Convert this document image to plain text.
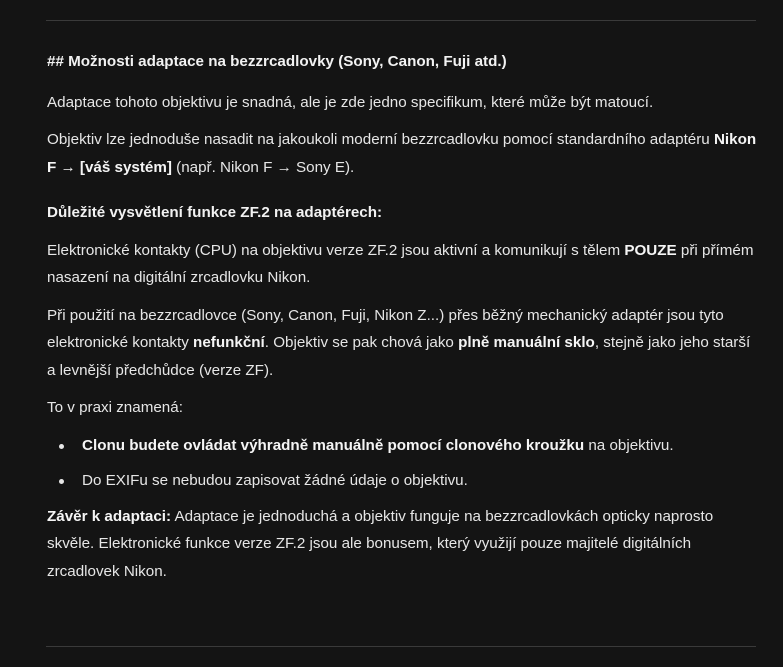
## Možnosti adaptace na bezzrcadlovky (Sony, Canon, Fuji atd.)

Adaptace tohoto objektivu je snadná, ale je zde jedno specifikum, které může být matoucí.

Objektiv lze jednoduše nasadit na jakoukoli moderní bezzrcadlovku pomocí standardního adaptéru Nikon F → [váš systém] (např. Nikon F → Sony E).

Důležité vysvětlení funkce ZF.2 na adaptérech:

Elektronické kontakty (CPU) na objektivu verze ZF.2 jsou aktivní a komunikují s tělem POUZE při přímém nasazení na digitální zrcadlovku Nikon.

Při použití na bezzrcadlovce (Sony, Canon, Fuji, Nikon Z...) přes běžný mechanický adaptér jsou tyto elektronické kontakty nefunkční. Objektiv se pak chová jako plně manuální sklo, stejně jako jeho starší a levnější předchůdce (verze ZF).

To v praxi znamená:

Clonu budete ovládat výhradně manuálně pomocí clonového kroužku na objektivu.
Do EXIFu se nebudou zapisovat žádné údaje o objektivu.

Závěr k adaptaci: Adaptace je jednoduchá a objektiv funguje na bezzrcadlovkách opticky naprosto skvěle. Elektronické funkce verze ZF.2 jsou ale bonusem, který využijí pouze majitelé digitálních zrcadlovek Nikon.
